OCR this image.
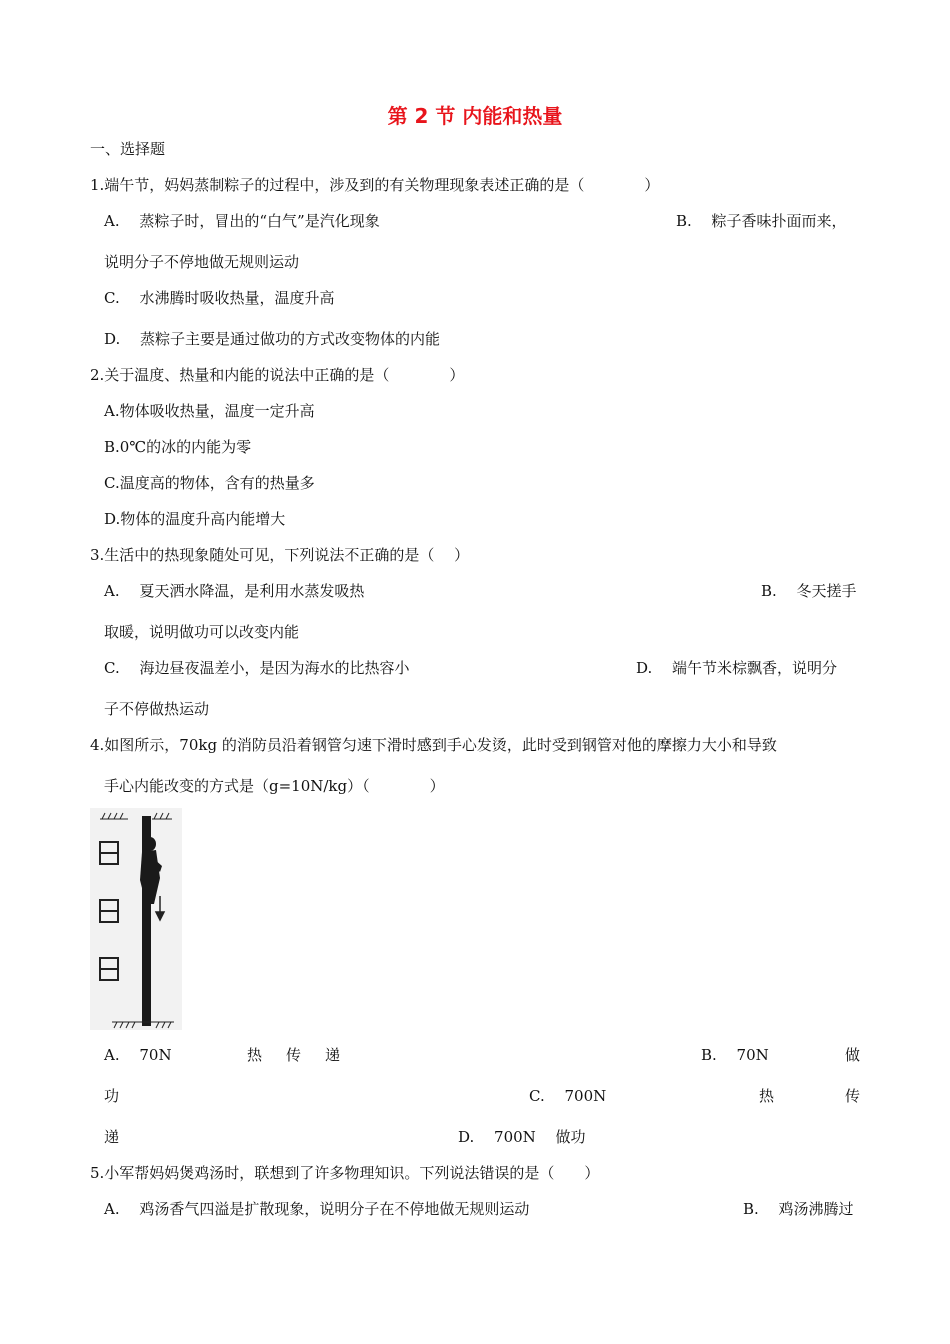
第 2 节 内能和热量
一、选择题
1.端午节，妈妈蒸制粽子的过程中，涉及到的有关物理现象表述正确的是（　　　　）
A.　 蒸粽子时，冒出的“白气”是汽化现象	B.　 粽子香味扑面而来，
说明分子不停地做无规则运动
C.　 水沸腾时吸收热量，温度升高
D.　 蒸粽子主要是通过做功的方式改变物体的内能
2.关于温度、热量和内能的说法中正确的是（　　　　）
A.物体吸收热量，温度一定升高
B.0℃的冰的内能为零
C.温度高的物体，含有的热量多
D.物体的温度升高内能增大
3.生活中的热现象随处可见，下列说法不正确的是（　 ）
A.　 夏天洒水降温，是利用水蒸发吸热	B.　 冬天搓手
取暖，说明做功可以改变内能
C.　 海边昼夜温差小，是因为海水的比热容小	D.　 端午节米棕飘香，说明分
子不停做热运动
4.如图所示，70kg 的消防员沿着钢管匀速下滑时感到手心发烫，此时受到钢管对他的摩擦力大小和导致
手心内能改变的方式是（g=10N/kg）（　　　　）
A.　 70N	热 传 递	B.　 70N	做
功	C.　 700N	热	传
递	D.　 700N　 做功
5.小军帮妈妈煲鸡汤时，联想到了许多物理知识。下列说法错误的是（　　）
A.　 鸡汤香气四溢是扩散现象，说明分子在不停地做无规则运动	B.　 鸡汤沸腾过
